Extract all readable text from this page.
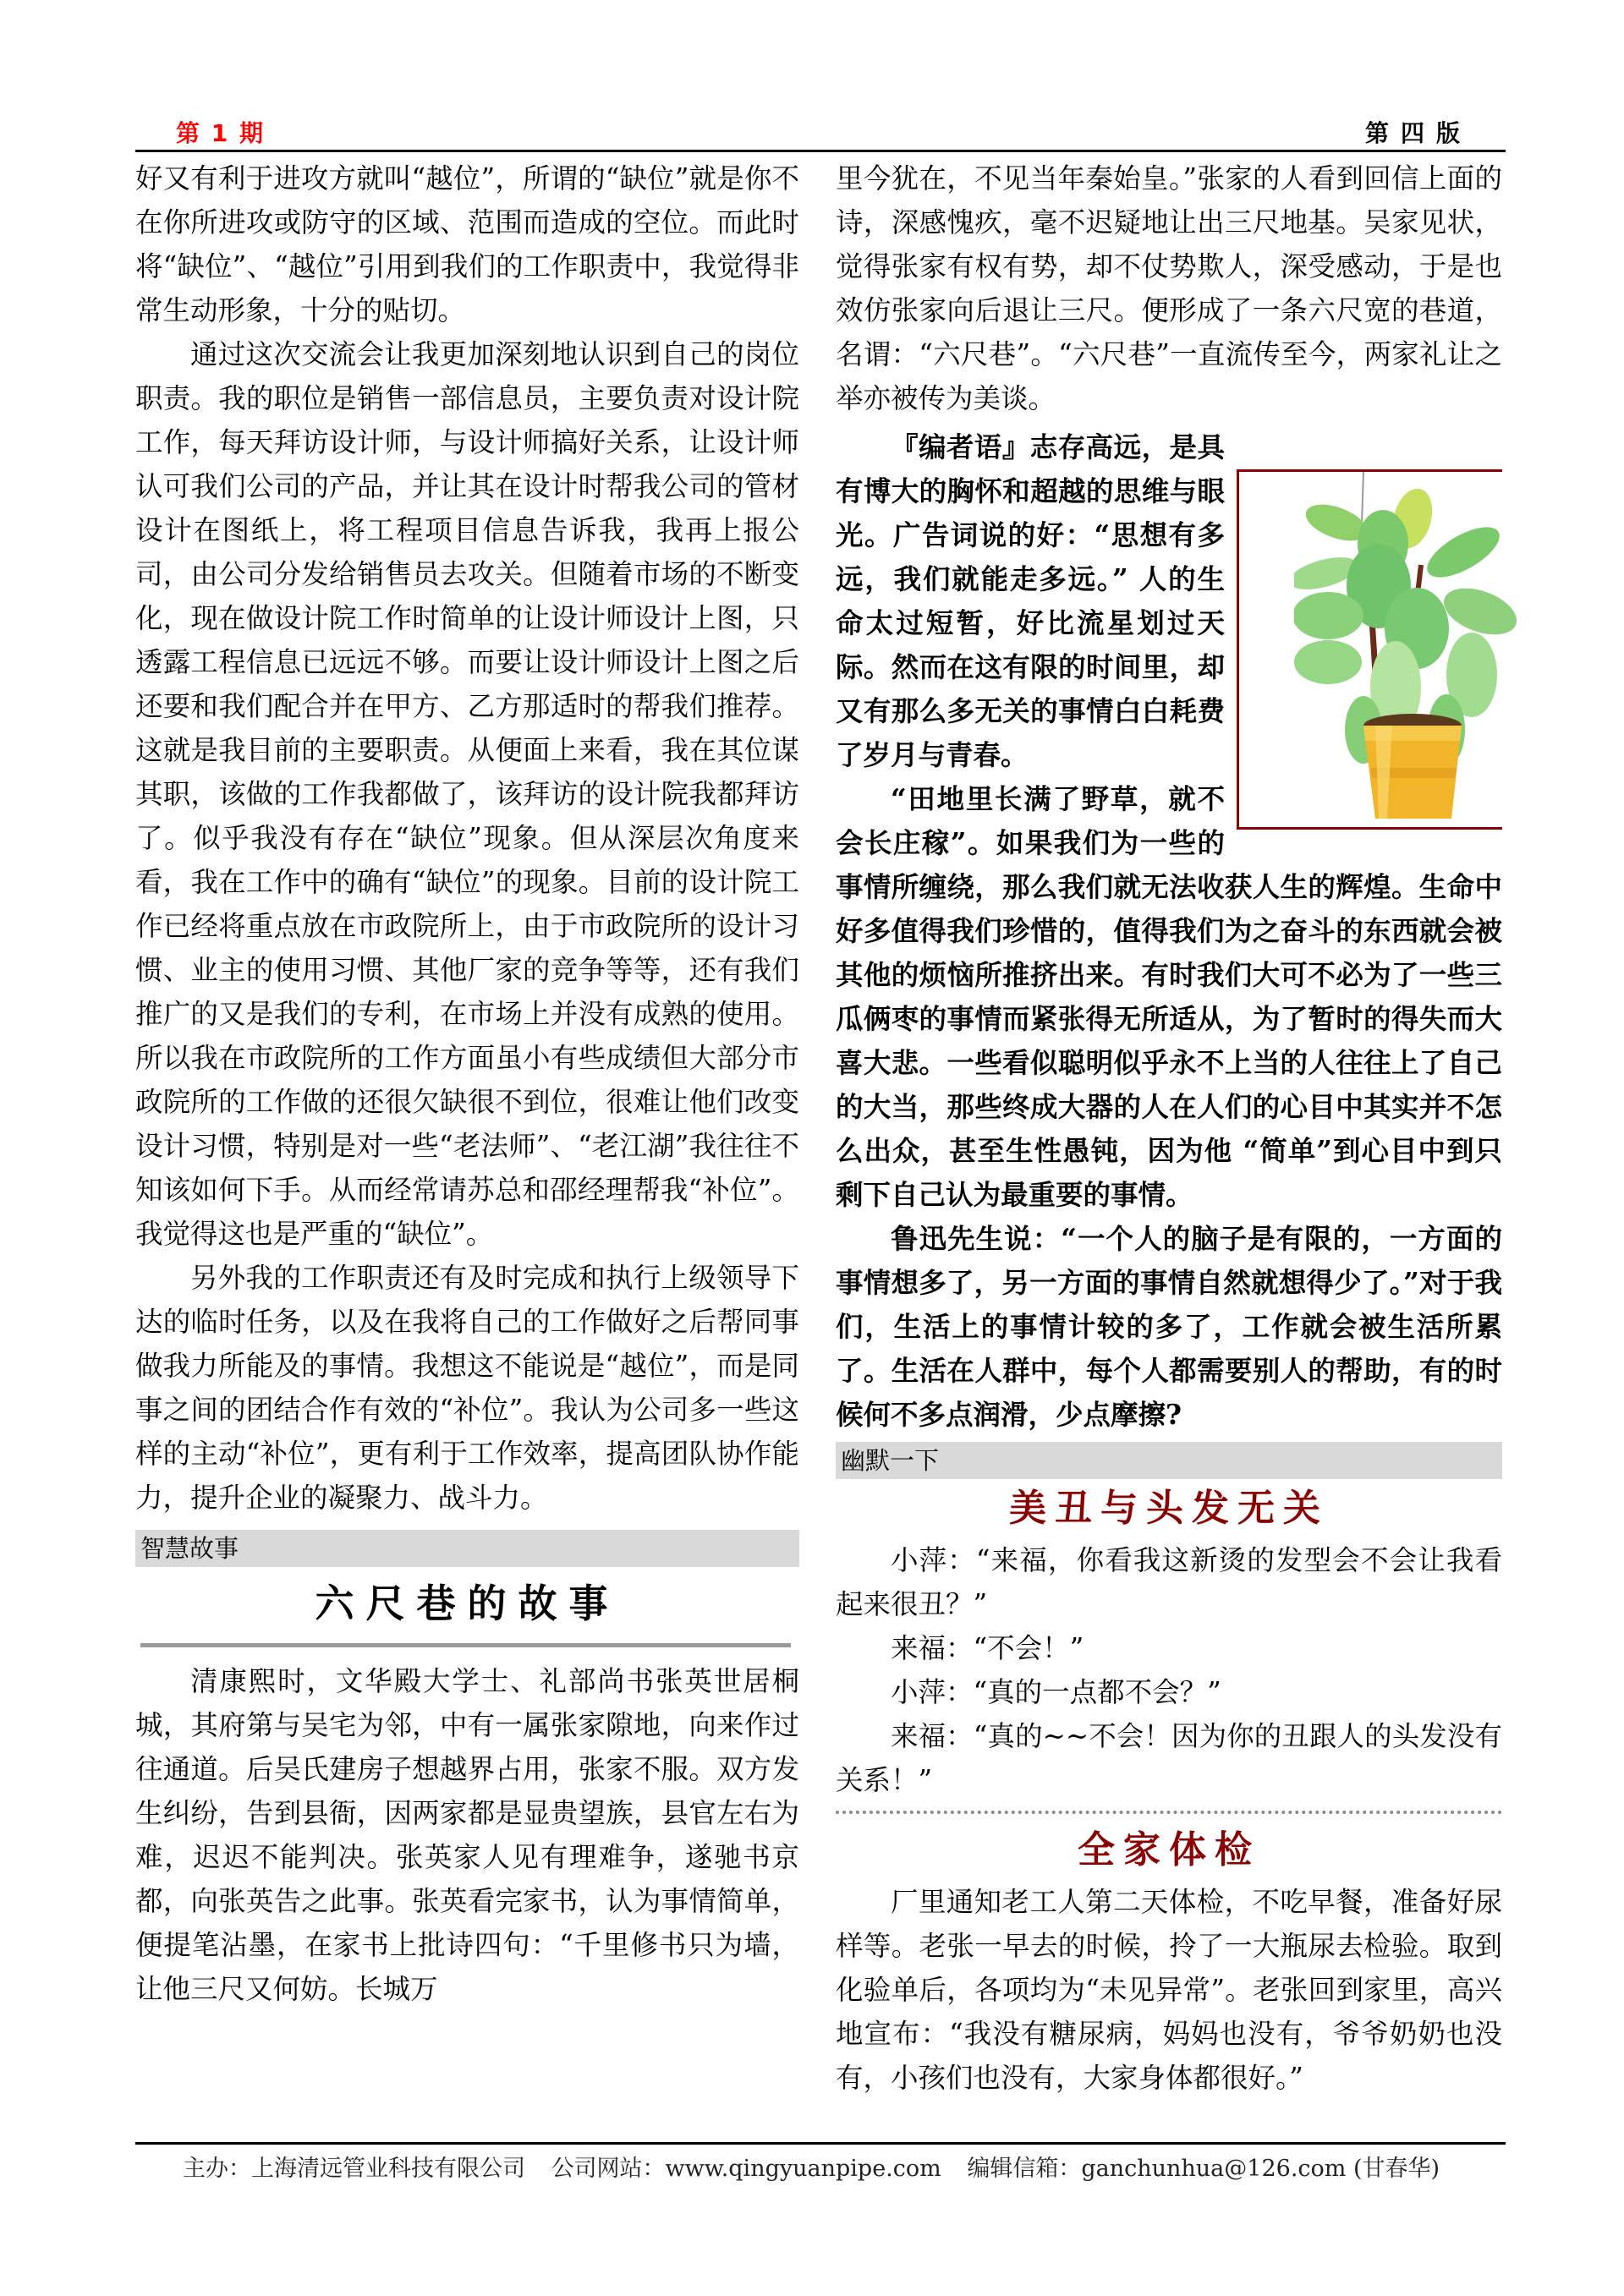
第 1 期	第四版

好又有利于进攻方就叫“越位”，所谓的“缺位”就是你不在你所进攻或防守的区域、范围而造成的空位。而此时将“缺位”、“越位”引用到我们的工作职责中，我觉得非常生动形象，十分的贴切。

通过这次交流会让我更加深刻地认识到自己的岗位职责。我的职位是销售一部信息员，主要负责对设计院工作，每天拜访设计师，与设计师搞好关系，让设计师认可我们公司的产品，并让其在设计时帮我公司的管材设计在图纸上，将工程项目信息告诉我，我再上报公司，由公司分发给销售员去攻关。但随着市场的不断变化，现在做设计院工作时简单的让设计师设计上图，只透露工程信息已远远不够。而要让设计师设计上图之后还要和我们配合并在甲方、乙方那适时的帮我们推荐。这就是我目前的主要职责。从便面上来看，我在其位谋其职，该做的工作我都做了，该拜访的设计院我都拜访了。似乎我没有存在“缺位”现象。但从深层次角度来看，我在工作中的确有“缺位”的现象。目前的设计院工作已经将重点放在市政院所上，由于市政院所的设计习惯、业主的使用习惯、其他厂家的竞争等等，还有我们推广的又是我们的专利，在市场上并没有成熟的使用。所以我在市政院所的工作方面虽小有些成绩但大部分市政院所的工作做的还很欠缺很不到位，很难让他们改变设计习惯，特别是对一些“老法师”、“老江湖”我往往不知该如何下手。从而经常请苏总和邵经理帮我“补位”。我觉得这也是严重的“缺位”。

另外我的工作职责还有及时完成和执行上级领导下达的临时任务，以及在我将自己的工作做好之后帮同事做我力所能及的事情。我想这不能说是“越位”，而是同事之间的团结合作有效的“补位”。我认为公司多一些这样的主动“补位”，更有利于工作效率，提高团队协作能力，提升企业的凝聚力、战斗力。

智慧故事
六尺巷的故事

清康熙时，文华殿大学士、礼部尚书张英世居桐城，其府第与吴宅为邻，中有一属张家隙地，向来作过往通道。后吴氏建房子想越界占用，张家不服。双方发生纠纷，告到县衙，因两家都是显贵望族，县官左右为难，迟迟不能判决。张英家人见有理难争，遂驰书京都，向张英告之此事。张英看完家书，认为事情简单，便提笔沾墨，在家书上批诗四句：“千里修书只为墙，让他三尺又何妨。长城万

里今犹在，不见当年秦始皇。”张家的人看到回信上面的诗，深感愧疚，毫不迟疑地让出三尺地基。吴家见状，觉得张家有权有势，却不仗势欺人，深受感动，于是也效仿张家向后退让三尺。便形成了一条六尺宽的巷道，名谓：“六尺巷”。“六尺巷”一直流传至今，两家礼让之举亦被传为美谈。

『编者语』志存高远，是具有博大的胸怀和超越的思维与眼光。广告词说的好：“思想有多远，我们就能走多远。” 人的生命太过短暂，好比流星划过天际。然而在这有限的时间里，却又有那么多无关的事情白白耗费了岁月与青春。

“田地里长满了野草，就不会长庄稼”。如果我们为一些的事情所缠绕，那么我们就无法收获人生的辉煌。生命中好多值得我们珍惜的，值得我们为之奋斗的东西就会被其他的烦恼所推挤出来。有时我们大可不必为了一些三瓜俩枣的事情而紧张得无所适从，为了暂时的得失而大喜大悲。一些看似聪明似乎永不上当的人往往上了自己的大当，那些终成大器的人在人们的心目中其实并不怎么出众，甚至生性愚钝，因为他 “简单”到心目中到只剩下自己认为最重要的事情。

鲁迅先生说：“一个人的脑子是有限的，一方面的事情想多了，另一方面的事情自然就想得少了。”对于我们，生活上的事情计较的多了，工作就会被生活所累了。生活在人群中，每个人都需要别人的帮助，有的时候何不多点润滑，少点摩擦?

幽默一下
美丑与头发无关

小萍：“来福，你看我这新烫的发型会不会让我看起来很丑？”

来福：“不会！”

小萍：“真的一点都不会？”

来福：“真的~~不会！因为你的丑跟人的头发没有关系！”

全家体检

厂里通知老工人第二天体检，不吃早餐，准备好尿样等。老张一早去的时候，拎了一大瓶尿去检验。取到化验单后，各项均为“未见异常”。老张回到家里，高兴地宣布：“我没有糖尿病，妈妈也没有，爷爷奶奶也没有，小孩们也没有，大家身体都很好。”

主办：上海清远管业科技有限公司 公司网站：www.qingyuanpipe.com 编辑信箱：ganchunhua@126.com (甘春华)
